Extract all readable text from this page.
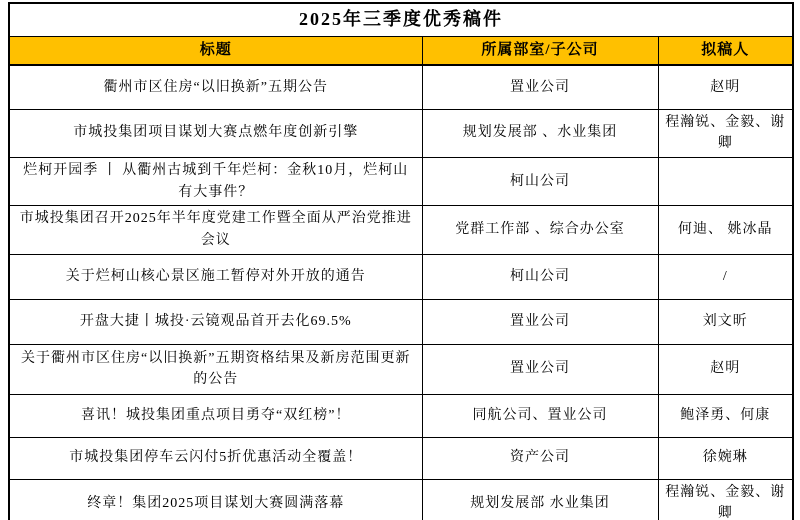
2025年三季度优秀稿件		
标题	所属部室/子公司	拟稿人
衢州市区住房“以旧换新”五期公告	置业公司	赵明
市城投集团项目谋划大赛点燃年度创新引擎	规划发展部 、水业集团	程瀚锐、金毅、谢卿
烂柯开园季 丨 从衢州古城到千年烂柯：金秋10月，烂柯山有大事件？	柯山公司	
市城投集团召开2025年半年度党建工作暨全面从严治党推进会议	党群工作部 、综合办公室	何迪、 姚冰晶
关于烂柯山核心景区施工暂停对外开放的通告	柯山公司	/
开盘大捷丨城投·云镜观品首开去化69.5%	置业公司	刘文昕
关于衢州市区住房“以旧换新”五期资格结果及新房范围更新的公告	置业公司	赵明
喜讯！城投集团重点项目勇夺“双红榜”！	同航公司、置业公司	鲍泽勇、何康
市城投集团停车云闪付5折优惠活动全覆盖！	资产公司	徐婉琳
终章！集团2025项目谋划大赛圆满落幕	规划发展部 水业集团	程瀚锐、金毅、谢卿
